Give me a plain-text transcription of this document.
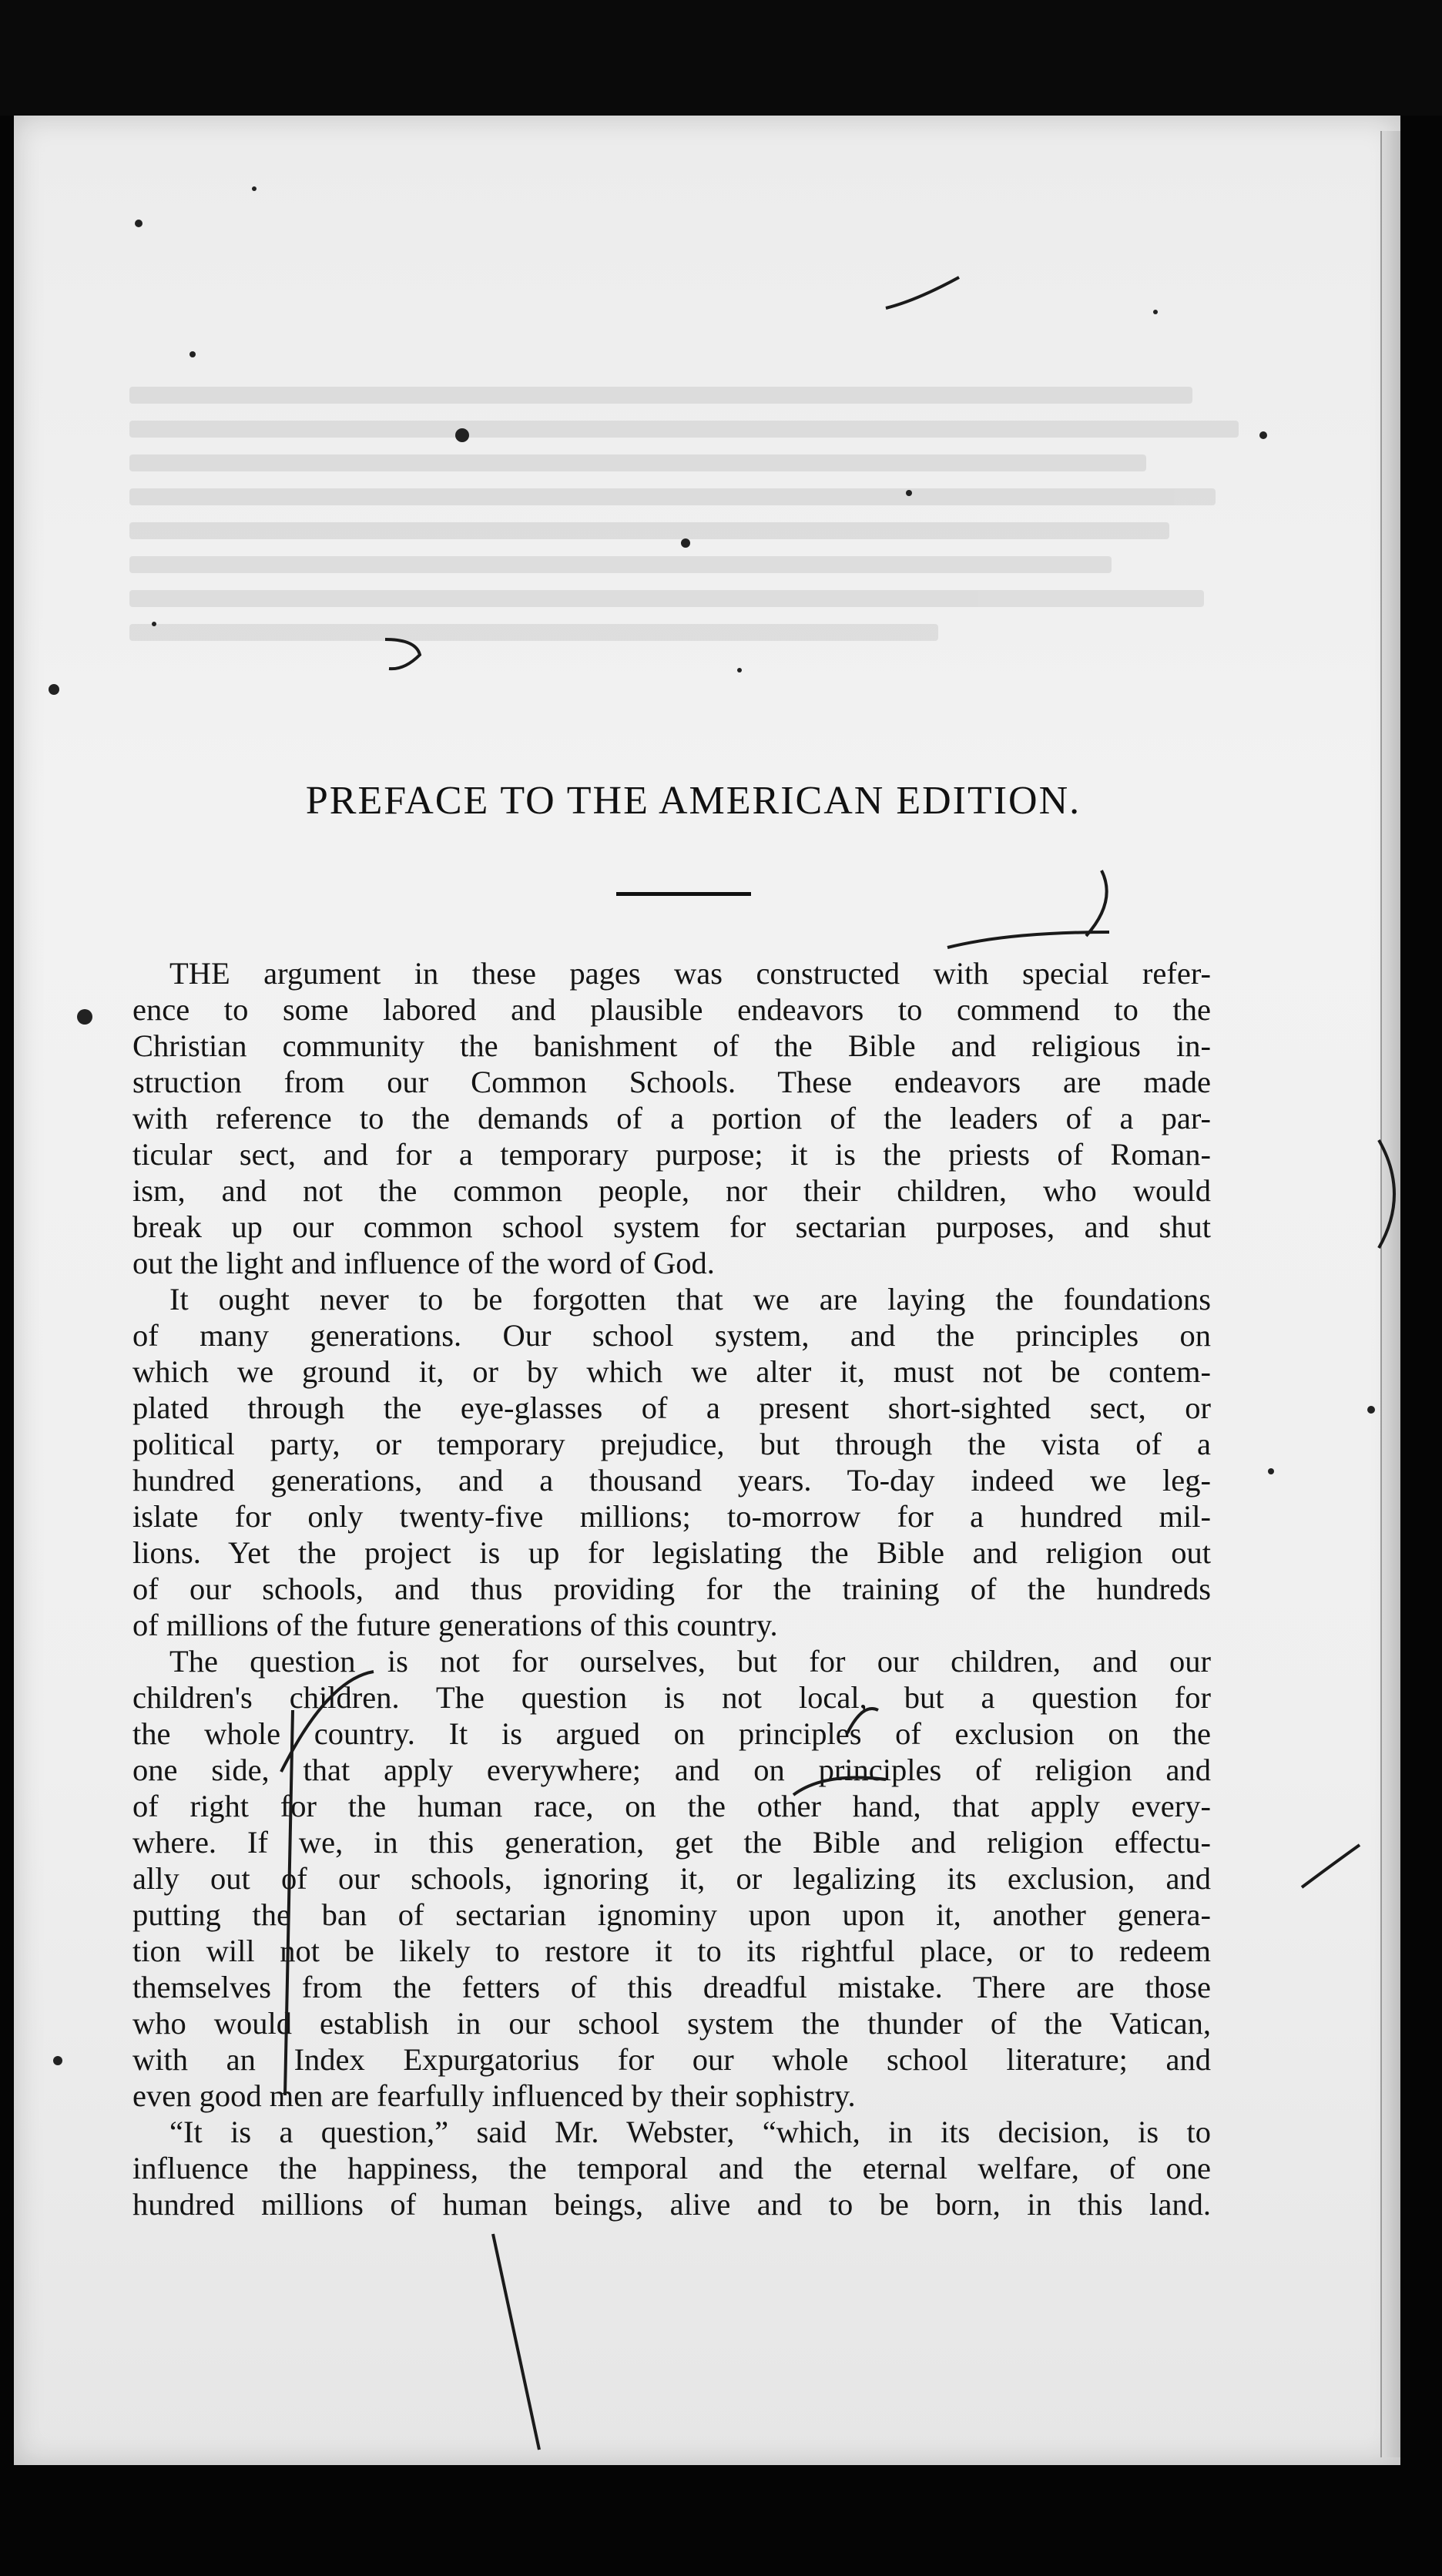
PREFACE TO THE AMERICAN EDITION.
THE argument in these pages was constructed with special refer-
ence to some labored and plausible endeavors to commend to the
Christian community the banishment of the Bible and religious in-
struction from our Common Schools. These endeavors are made
with reference to the demands of a portion of the leaders of a par-
ticular sect, and for a temporary purpose; it is the priests of Roman-
ism, and not the common people, nor their children, who would
break up our common school system for sectarian purposes, and shut
out the light and influence of the word of God.
It ought never to be forgotten that we are laying the foundations
of many generations. Our school system, and the principles on
which we ground it, or by which we alter it, must not be contem-
plated through the eye-glasses of a present short-sighted sect, or
political party, or temporary prejudice, but through the vista of a
hundred generations, and a thousand years. To-day indeed we leg-
islate for only twenty-five millions; to-morrow for a hundred mil-
lions. Yet the project is up for legislating the Bible and religion out
of our schools, and thus providing for the training of the hundreds
of millions of the future generations of this country.
The question is not for ourselves, but for our children, and our
children's children. The question is not local, but a question for
the whole country. It is argued on principles of exclusion on the
one side, that apply everywhere; and on principles of religion and
of right for the human race, on the other hand, that apply every-
where. If we, in this generation, get the Bible and religion effectu-
ally out of our schools, ignoring it, or legalizing its exclusion, and
putting the ban of sectarian ignominy upon upon it, another genera-
tion will not be likely to restore it to its rightful place, or to redeem
themselves from the fetters of this dreadful mistake. There are those
who would establish in our school system the thunder of the Vatican,
with an Index Expurgatorius for our whole school literature; and
even good men are fearfully influenced by their sophistry.
“It is a question,” said Mr. Webster, “which, in its decision, is to
influence the happiness, the temporal and the eternal welfare, of one
hundred millions of human beings, alive and to be born, in this land.
